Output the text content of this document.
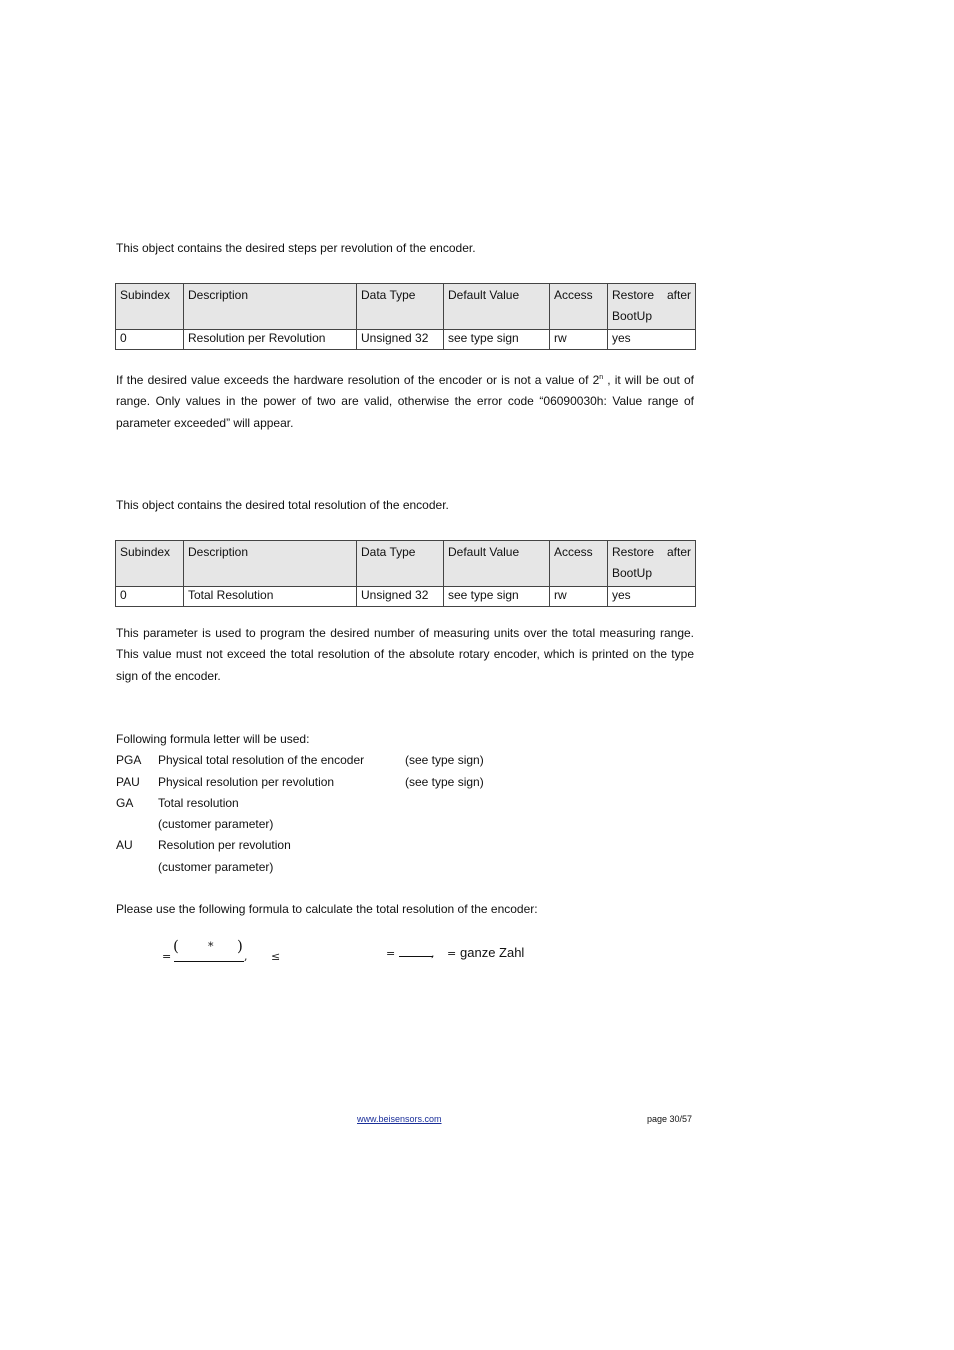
This object contains the desired steps per revolution of the encoder.

Subindex	Description	Data Type	Default Value	Access	Restore after BootUp
0	Resolution per Revolution	Unsigned 32	see type sign	rw	yes

If the desired value exceeds the hardware resolution of the encoder or is not a value of 2$^n$ , it will be out of range. Only values in the power of two are valid, otherwise the error code “06090030h: Value range of parameter exceeded” will appear.

This object contains the desired total resolution of the encoder.

Subindex	Description	Data Type	Default Value	Access	Restore after BootUp
0	Total Resolution	Unsigned 32	see type sign	rw	yes

This parameter is used to program the desired number of measuring units over the total measuring range. This value must not exceed the total resolution of the absolute rotary encoder, which is printed on the type sign of the encoder.

Following formula letter will be used:
PGA Physical total resolution of the encoder	(see type sign)
PAU Physical resolution per revolution	(see type sign)
GA Total resolution
(customer parameter)
AU Resolution per revolution
(customer parameter)

Please use the following formula to calculate the total resolution of the encoder:

=
(	* )
, ≤	=	, = ganze Zahl
www.beisensors.com	page 30/57
